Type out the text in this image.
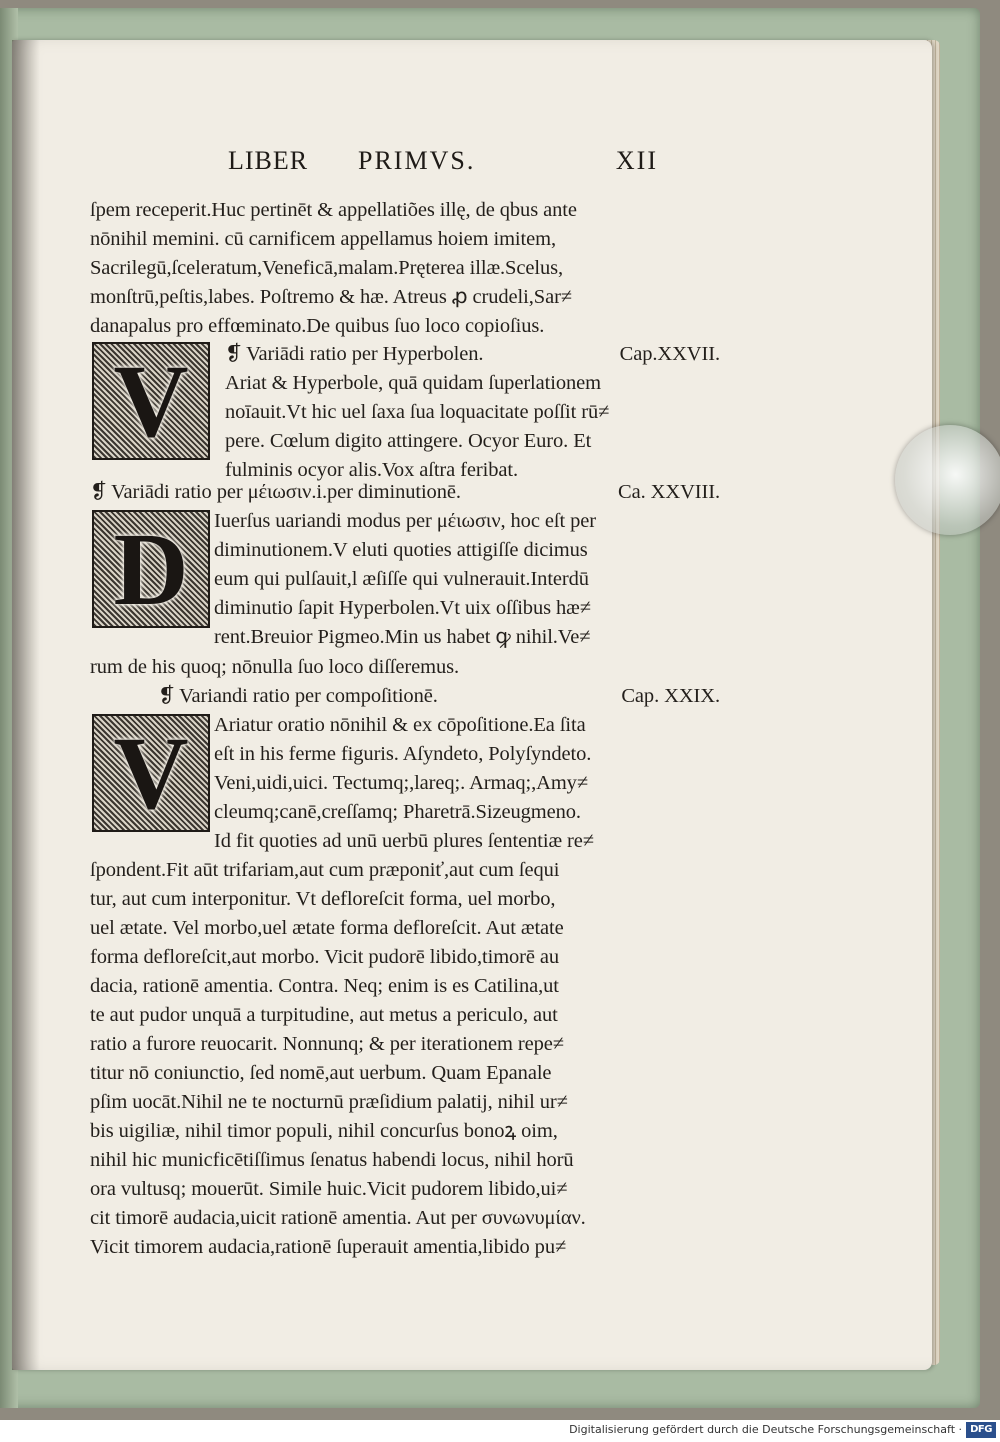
LIBER PRIMVS.	XII
ſpem receperit.Huc pertinēt & appellatiões illę, de qbus ante
nōnihil memini. cū carnificem appellamus hoiem imitem,
Sacrilegū,ſceleratum,Veneficā,malam.Pręterea illæ.Scelus,
monſtrū,peſtis,labes. Poſtremo & hæ. Atreus ꝓ crudeli,Sar≠
danapalus pro effœminato.De quibus ſuo loco copioſius.
V	❡ Variādi ratio per Hyperbolen.	Cap.XXVII.
Ariat & Hyperbole, quā quidam ſuperlationem
noīauit.Vt hic uel ſaxa ſua loquacitate poſſit rū≠
pere. Cœlum digito attingere. Ocyor Euro. Et
fulminis ocyor alis.Vox aſtra feribat.
❡ Variādi ratio per μέιωσιν.i.per diminutionē.	Ca. XXVIII.
D	Iuerſus uariandi modus per μέιωσιν, hoc eſt per
diminutionem.V eluti quoties attigiſſe dicimus
eum qui pulſauit,l æſiſſe qui vulnerauit.Interdū
diminutio ſapit Hyperbolen.Vt uix oſſibus hæ≠
rent.Breuior Pigmeo.Min us habet ꝙ nihil.Ve≠
rum de his quoq; nōnulla ſuo loco diſſeremus.
❡ Variandi ratio per compoſitionē.	Cap. XXIX.
V	Ariatur oratio nōnihil & ex cōpoſitione.Ea ſita
eſt in his ferme figuris. Aſyndeto, Polyſyndeto.
Veni,uidi,uici. Tectumq;,lareq;. Armaq;,Amy≠
cleumq;canē,creſſamq; Pharetrā.Sizeugmeno.
Id fit quoties ad unū uerbū plures ſententiæ re≠
ſpondent.Fit aūt trifariam,aut cum præponiť,aut cum ſequi
tur, aut cum interponitur. Vt defloreſcit forma, uel morbo,
uel ætate. Vel morbo,uel ætate forma defloreſcit. Aut ætate
forma defloreſcit,aut morbo. Vicit pudorē libido,timorē au
dacia, rationē amentia. Contra. Neq; enim is es Catilina,ut
te aut pudor unquā a turpitudine, aut metus a periculo, aut
ratio a furore reuocarit. Nonnunq; & per iterationem repe≠
titur nō coniunctio, ſed nomē,aut uerbum. Quam Epanale
pſim uocāt.Nihil ne te nocturnū præſidium palatij, nihil ur≠
bis uigiliæ, nihil timor populi, nihil concurſus bonoꝝ oim,
nihil hic municficētiſſimus ſenatus habendi locus, nihil horū
ora vultusq; mouerūt. Simile huic.Vicit pudorem libido,ui≠
cit timorē audacia,uicit rationē amentia. Aut per συνωνυμίαν.
Vicit timorem audacia,rationē ſuperauit amentia,libido pu≠
Digitalisierung gefördert durch die Deutsche Forschungsgemeinschaft · DFG
